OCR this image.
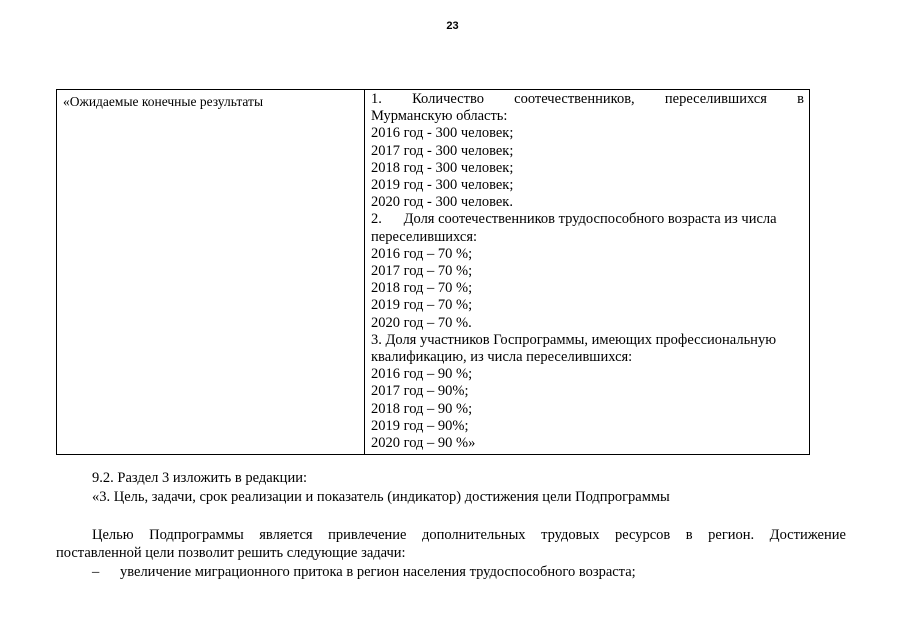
23
«Ожидаемые конечные результаты	1. Количество соотечественников, переселившихся в
Мурманскую область:
2016 год - 300 человек;
2017 год - 300 человек;
2018 год - 300 человек;
2019 год - 300 человек;
2020 год - 300 человек.
2.      Доля соотечественников трудоспособного возраста из числа
переселившихся:
2016 год – 70 %;
2017 год – 70 %;
2018 год – 70 %;
2019 год – 70 %;
2020 год – 70 %.
3. Доля участников Госпрограммы, имеющих профессиональную
квалификацию, из числа переселившихся:
2016 год – 90 %;
2017 год – 90%;
2018 год – 90 %;
2019 год – 90%;
2020 год – 90 %»
9.2. Раздел 3 изложить в редакции:
«3. Цель, задачи, срок реализации и показатель (индикатор) достижения цели Подпрограммы
Целью Подпрограммы является привлечение дополнительных трудовых ресурсов в регион. Достижение
поставленной цели позволит решить следующие задачи:
– увеличение миграционного притока в регион населения трудоспособного возраста;
